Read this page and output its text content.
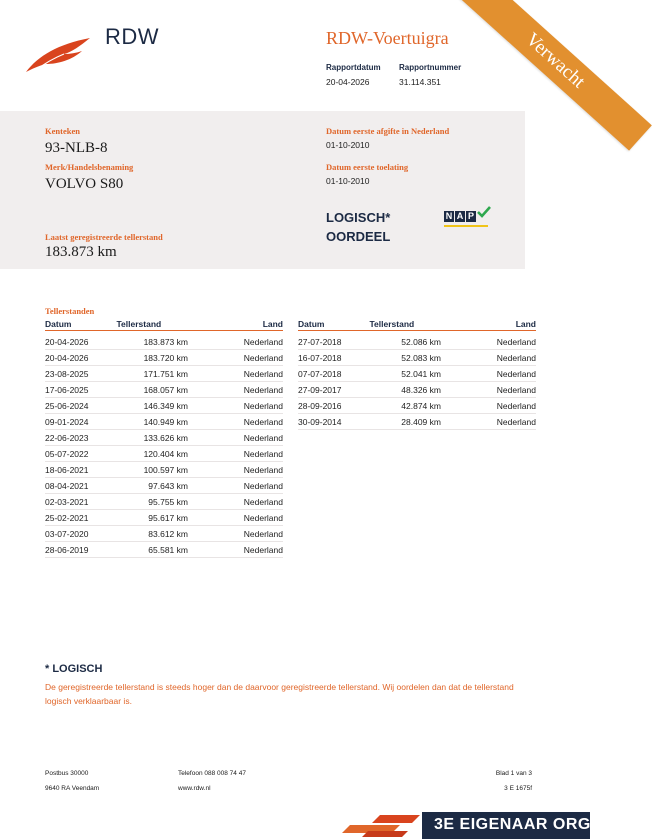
RDW	RDW-Voertuigra
Rapportdatum
20-04-2026
Rapportnummer
31.114.351	Verwacht
Kenteken
93-NLB-8
Merk/Handelsbenaming
VOLVO S80
Laatst geregistreerde tellerstand
183.873 km
Datum eerste afgifte in Nederland
01-10-2010
Datum eerste toelating
01-10-2010
LOGISCH*
OORDEEL
N A P
Tellerstanden
Datum	Tellerstand	Land
20-04-2026	183.873 km	Nederland
20-04-2026	183.720 km	Nederland
23-08-2025	171.751 km	Nederland
17-06-2025	168.057 km	Nederland
25-06-2024	146.349 km	Nederland
09-01-2024	140.949 km	Nederland
22-06-2023	133.626 km	Nederland
05-07-2022	120.404 km	Nederland
18-06-2021	100.597 km	Nederland
08-04-2021	97.643 km	Nederland
02-03-2021	95.755 km	Nederland
25-02-2021	95.617 km	Nederland
03-07-2020	83.612 km	Nederland
28-06-2019	65.581 km	Nederland
Datum	Tellerstand	Land
27-07-2018	52.086 km	Nederland
16-07-2018	52.083 km	Nederland
07-07-2018	52.041 km	Nederland
27-09-2017	48.326 km	Nederland
28-09-2016	42.874 km	Nederland
30-09-2014	28.409 km	Nederland
* LOGISCH
De geregistreerde tellerstand is steeds hoger dan de daarvoor geregistreerde tellerstand. Wij oordelen dan dat de tellerstand logisch verklaarbaar is.
Postbus 30000
9640 RA Veendam
Telefoon 088 008 74 47
www.rdw.nl
Blad 1 van 3
3 E 1675f
3E EIGENAAR ORG. NL
